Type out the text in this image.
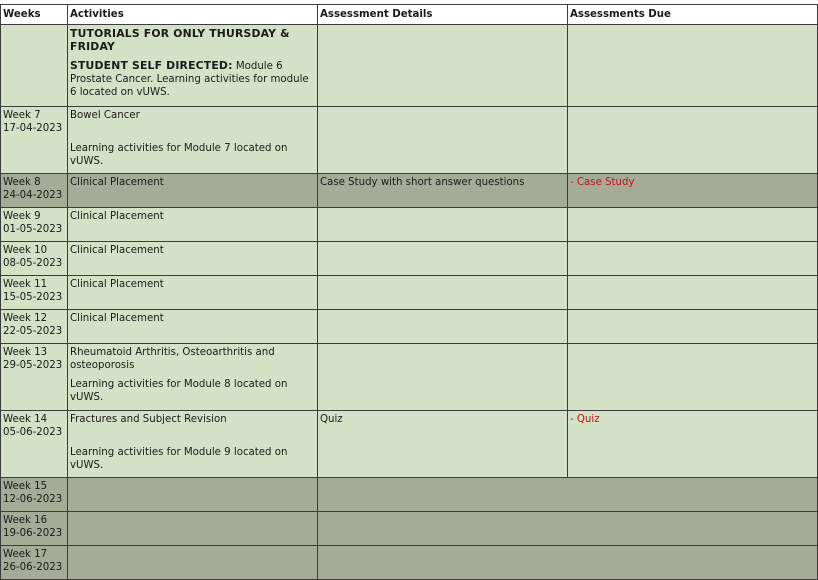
Weeks	Activities	Assessment Details	Assessments Due

	TUTORIALS FOR ONLY THURSDAY & FRIDAY
STUDENT SELF DIRECTED: Module 6 Prostate Cancer. Learning activities for module 6 located on vUWS.		

Week 7
17-04-2023	Bowel Cancer
Learning activities for Module 7 located on vUWS.		

Week 8
24-04-2023	Clinical Placement	Case Study with short answer questions	- Case Study

Week 9
01-05-2023	Clinical Placement		

Week 10
08-05-2023	Clinical Placement		

Week 11
15-05-2023	Clinical Placement		

Week 12
22-05-2023	Clinical Placement		

Week 13
29-05-2023	Rheumatoid Arthritis, Osteoarthritis and osteoporosis
Learning activities for Module 8 located on vUWS.		

Week 14
05-06-2023	Fractures and Subject Revision
Learning activities for Module 9 located on vUWS.	Quiz	- Quiz

Week 15
12-06-2023			

Week 16
19-06-2023			

Week 17
26-06-2023			
